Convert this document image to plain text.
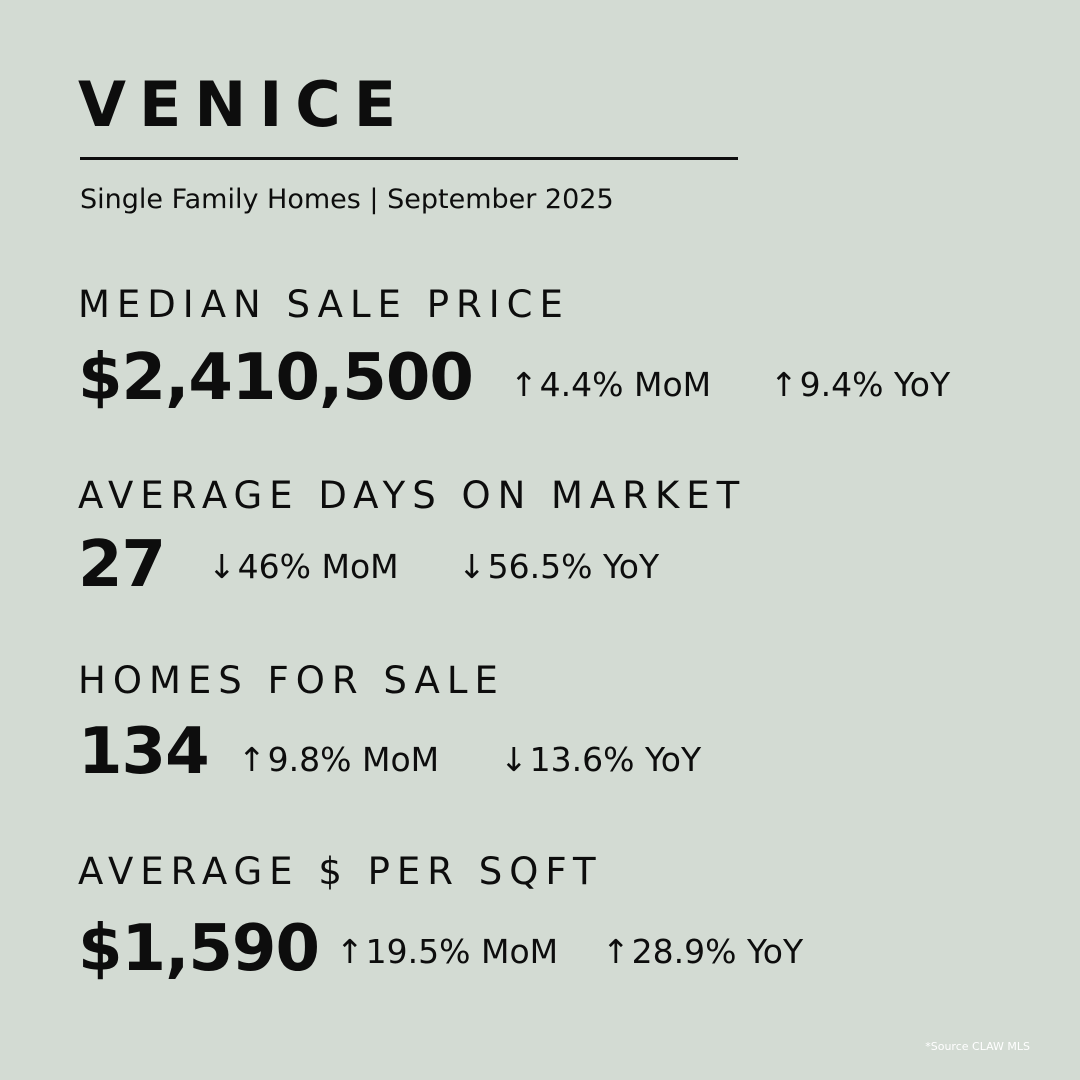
VENICE
Single Family Homes | September 2025
MEDIAN SALE PRICE
$2,410,500 ↑4.4% MoM ↑9.4% YoY
AVERAGE DAYS ON MARKET
27 ↓46% MoM ↓56.5% YoY
HOMES FOR SALE
134 ↑9.8% MoM ↓13.6% YoY
AVERAGE $ PER SQFT
$1,590 ↑19.5% MoM ↑28.9% YoY
*Source CLAW MLS
